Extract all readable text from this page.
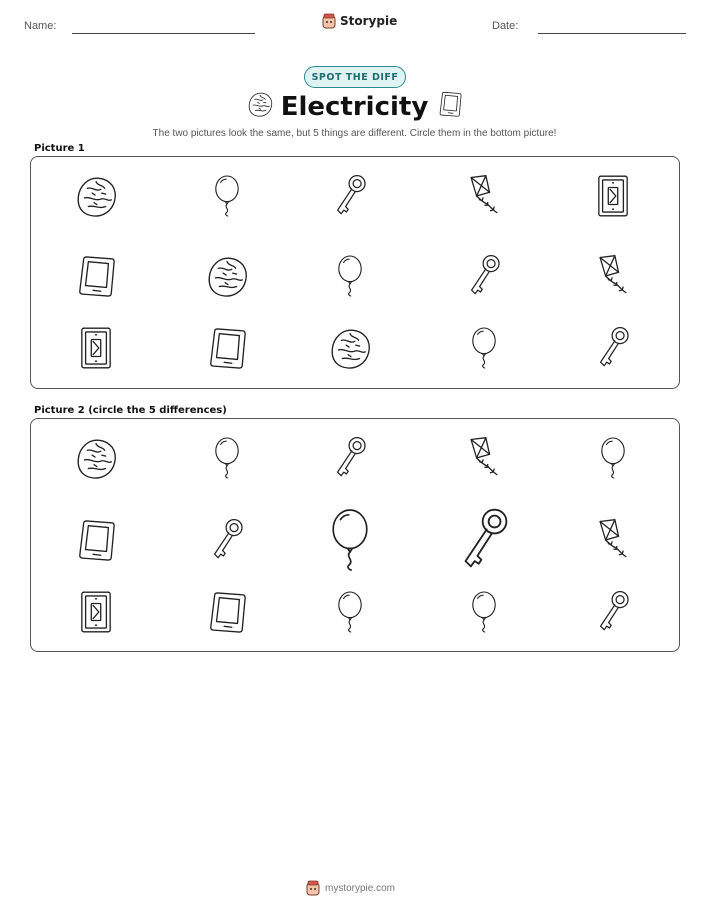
Name:	Storypie	Date:
SPOT THE DIFF
Electricity
The two pictures look the same, but 5 things are different. Circle them in the bottom picture!
Picture 1
Picture 2 (circle the 5 differences)
mystorypie.com
